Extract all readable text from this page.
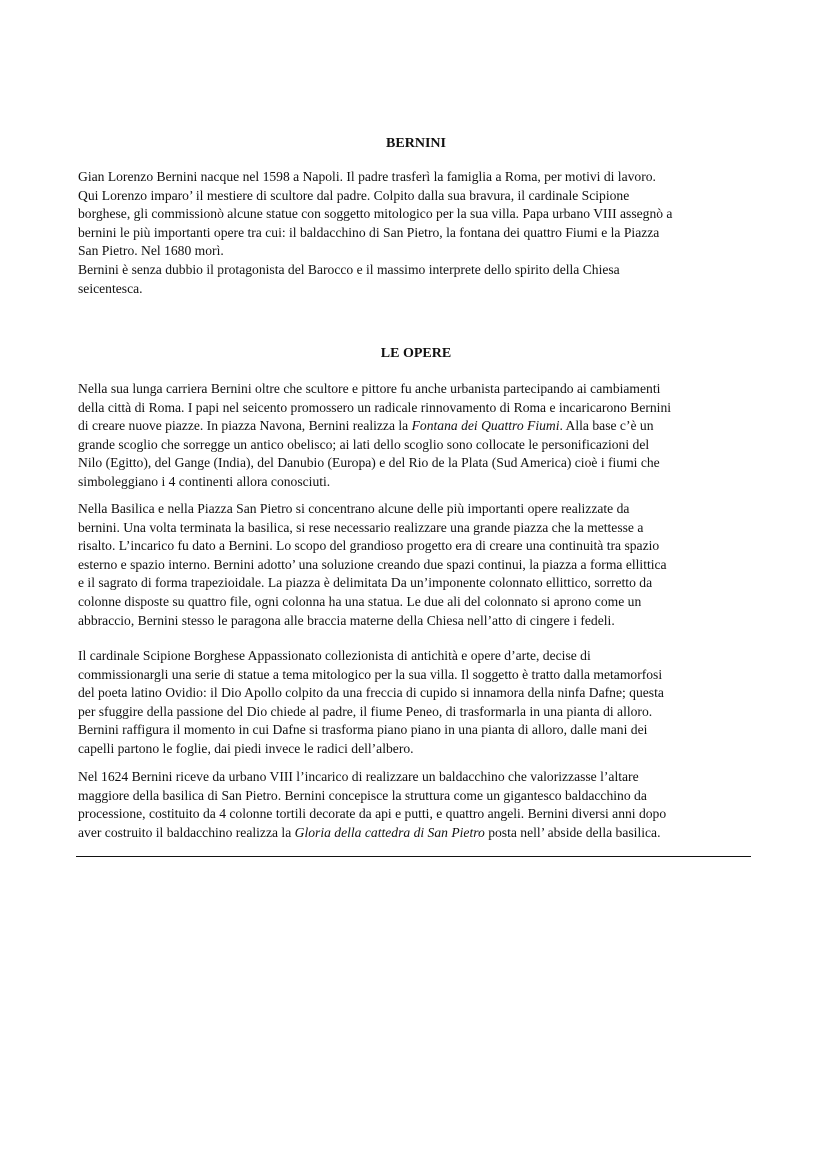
BERNINI

Gian Lorenzo Bernini nacque nel 1598 a Napoli. Il padre trasferì la famiglia a Roma, per motivi di lavoro.
Qui Lorenzo imparo’ il mestiere di scultore dal padre. Colpito dalla sua bravura, il cardinale Scipione
borghese, gli commissionò alcune statue con soggetto mitologico per la sua villa. Papa urbano VIII assegnò a
bernini le più importanti opere tra cui: il baldacchino di San Pietro, la fontana dei quattro Fiumi e la Piazza
San Pietro. Nel 1680 morì.
Bernini è senza dubbio il protagonista del Barocco e il massimo interprete dello spirito della Chiesa
seicentesca.

LE OPERE

Nella sua lunga carriera Bernini oltre che scultore e pittore fu anche urbanista partecipando ai cambiamenti
della città di Roma. I papi nel seicento promossero un radicale rinnovamento di Roma e incaricarono Bernini
di creare nuove piazze. In piazza Navona, Bernini realizza la Fontana dei Quattro Fiumi. Alla base c’è un
grande scoglio che sorregge un antico obelisco; ai lati dello scoglio sono collocate le personificazioni del
Nilo (Egitto), del Gange (India), del Danubio (Europa) e del Rio de la Plata (Sud America) cioè i fiumi che
simboleggiano i 4 continenti allora conosciuti.

Nella Basilica e nella Piazza San Pietro si concentrano alcune delle più importanti opere realizzate da
bernini. Una volta terminata la basilica, si rese necessario realizzare una grande piazza che la mettesse a
risalto. L’incarico fu dato a Bernini. Lo scopo del grandioso progetto era di creare una continuità tra spazio
esterno e spazio interno. Bernini adotto’ una soluzione creando due spazi continui, la piazza a forma ellittica
e il sagrato di forma trapezioidale. La piazza è delimitata Da un’imponente colonnato ellittico, sorretto da
colonne disposte su quattro file, ogni colonna ha una statua. Le due ali del colonnato si aprono come un
abbraccio, Bernini stesso le paragona alle braccia materne della Chiesa nell’atto di cingere i fedeli.

Il cardinale Scipione Borghese Appassionato collezionista di antichità e opere d’arte, decise di
commissionargli una serie di statue a tema mitologico per la sua villa. Il soggetto è tratto dalla metamorfosi
del poeta latino Ovidio: il Dio Apollo colpito da una freccia di cupido si innamora della ninfa Dafne; questa
per sfuggire della passione del Dio chiede al padre, il fiume Peneo, di trasformarla in una pianta di alloro.
Bernini raffigura il momento in cui Dafne si trasforma piano piano in una pianta di alloro, dalle mani dei
capelli partono le foglie, dai piedi invece le radici dell’albero.

Nel 1624 Bernini riceve da urbano VIII l’incarico di realizzare un baldacchino che valorizzasse l’altare
maggiore della basilica di San Pietro. Bernini concepisce la struttura come un gigantesco baldacchino da
processione, costituito da 4 colonne tortili decorate da api e putti, e quattro angeli. Bernini diversi anni dopo
aver costruito il baldacchino realizza la Gloria della cattedra di San Pietro posta nell’ abside della basilica.
